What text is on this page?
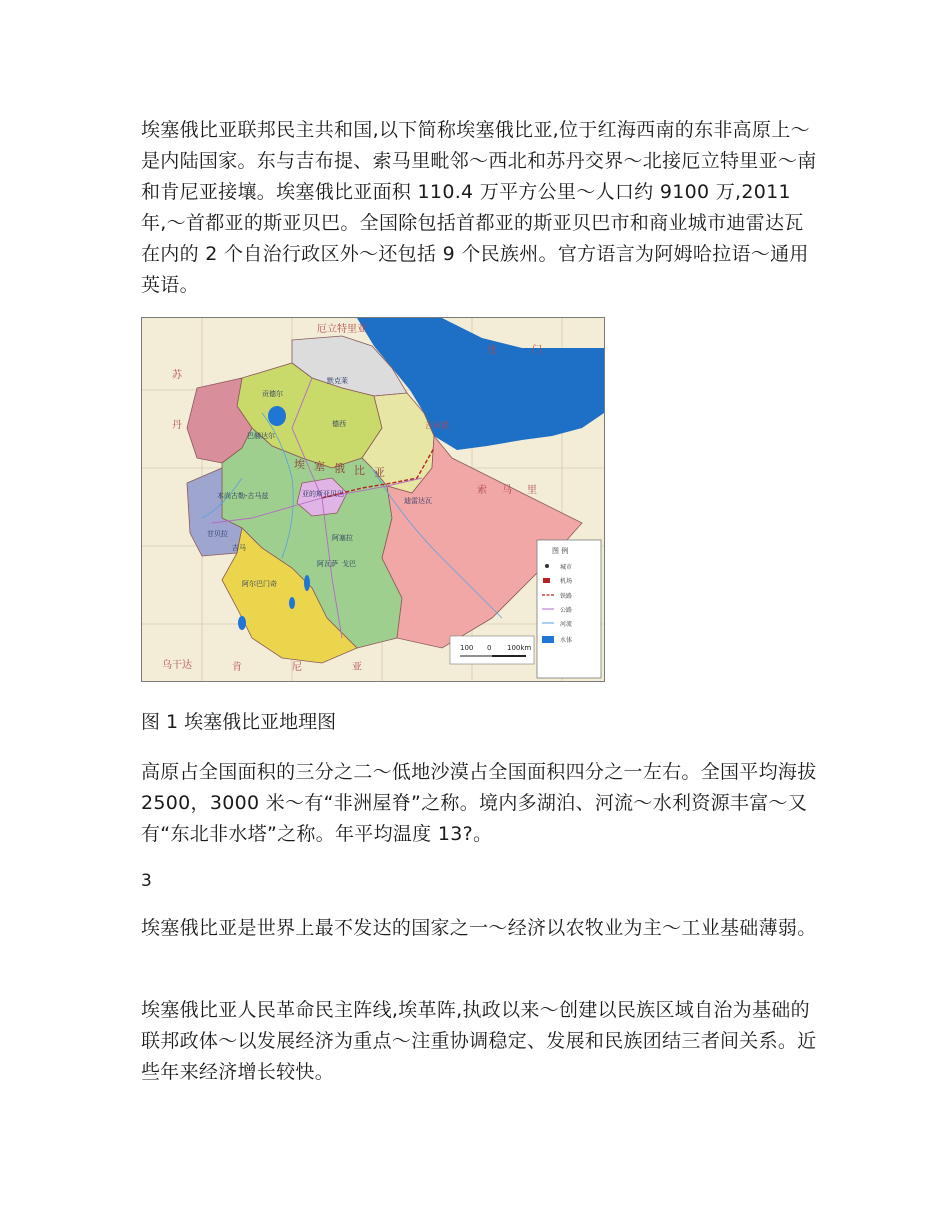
埃塞俄比亚联邦民主共和国,以下简称埃塞俄比亚,位于红海西南的东非高原上～是内陆国家。东与吉布提、索马里毗邻～西北和苏丹交界～北接厄立特里亚～南和肯尼亚接壤。埃塞俄比亚面积 110.4 万平方公里～人口约 9100 万,2011 年,～首都亚的斯亚贝巴。全国除包括首都亚的斯亚贝巴市和商业城市迪雷达瓦在内的 2 个自治行政区外～还包括 9 个民族州。官方语言为阿姆哈拉语～通用英语。

厄立特里亚
苏
丹
也	门
吉布提
索 马 里
乌干达	肯	尼	亚
埃 塞 俄 比 亚
默克莱
贡德尔
德西
巴赫达尔
亚的斯亚贝巴
迪雷达瓦
本尚古勒-古马兹
甘贝拉
吉马
阿塞拉
阿瓦萨 戈巴
阿尔巴门奇
图 例
城市
机场
铁路
公路
河流
水体
100 0 100km

图 1 埃塞俄比亚地理图

高原占全国面积的三分之二～低地沙漠占全国面积四分之一左右。全国平均海拔 2500，3000 米～有“非洲屋脊”之称。境内多湖泊、河流～水利资源丰富～又有“东北非水塔”之称。年平均温度 13?。

3

埃塞俄比亚是世界上最不发达的国家之一～经济以农牧业为主～工业基础薄弱。

埃塞俄比亚人民革命民主阵线,埃革阵,执政以来～创建以民族区域自治为基础的联邦政体～以发展经济为重点～注重协调稳定、发展和民族团结三者间关系。近些年来经济增长较快。
